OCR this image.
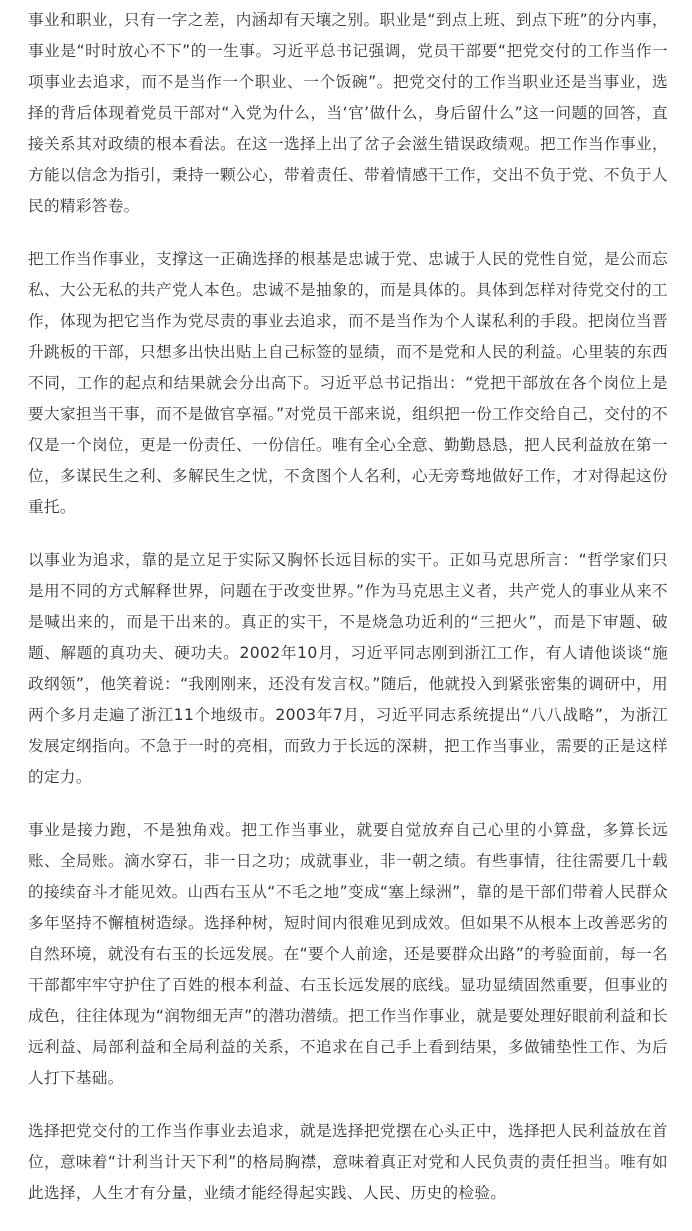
事业和职业，只有一字之差，内涵却有天壤之别。职业是“到点上班、到点下班”的分内事，事业是“时时放心不下”的一生事。习近平总书记强调，党员干部要“把党交付的工作当作一项事业去追求，而不是当作一个职业、一个饭碗”。把党交付的工作当职业还是当事业，选择的背后体现着党员干部对“入党为什么，当‘官’做什么，身后留什么”这一问题的回答，直接关系其对政绩的根本看法。在这一选择上出了岔子会滋生错误政绩观。把工作当作事业，方能以信念为指引，秉持一颗公心，带着责任、带着情感干工作，交出不负于党、不负于人民的精彩答卷。

把工作当作事业，支撑这一正确选择的根基是忠诚于党、忠诚于人民的党性自觉，是公而忘私、大公无私的共产党人本色。忠诚不是抽象的，而是具体的。具体到怎样对待党交付的工作，体现为把它当作为党尽责的事业去追求，而不是当作为个人谋私利的手段。把岗位当晋升跳板的干部，只想多出快出贴上自己标签的显绩，而不是党和人民的利益。心里装的东西不同，工作的起点和结果就会分出高下。习近平总书记指出：“党把干部放在各个岗位上是要大家担当干事，而不是做官享福。”对党员干部来说，组织把一份工作交给自己，交付的不仅是一个岗位，更是一份责任、一份信任。唯有全心全意、勤勤恳恳，把人民利益放在第一位，多谋民生之利、多解民生之忧，不贪图个人名利，心无旁骛地做好工作，才对得起这份重托。

以事业为追求，靠的是立足于实际又胸怀长远目标的实干。正如马克思所言：“哲学家们只是用不同的方式解释世界，问题在于改变世界。”作为马克思主义者，共产党人的事业从来不是喊出来的，而是干出来的。真正的实干，不是烧急功近利的“三把火”，而是下审题、破题、解题的真功夫、硬功夫。2002年10月，习近平同志刚到浙江工作，有人请他谈谈“施政纲领”，他笑着说：“我刚刚来，还没有发言权。”随后，他就投入到紧张密集的调研中，用两个多月走遍了浙江11个地级市。2003年7月，习近平同志系统提出“八八战略”，为浙江发展定纲指向。不急于一时的亮相，而致力于长远的深耕，把工作当事业，需要的正是这样的定力。

事业是接力跑，不是独角戏。把工作当事业，就要自觉放弃自己心里的小算盘，多算长远账、全局账。滴水穿石，非一日之功；成就事业，非一朝之绩。有些事情，往往需要几十载的接续奋斗才能见效。山西右玉从“不毛之地”变成“塞上绿洲”，靠的是干部们带着人民群众多年坚持不懈植树造绿。选择种树，短时间内很难见到成效。但如果不从根本上改善恶劣的自然环境，就没有右玉的长远发展。在“要个人前途，还是要群众出路”的考验面前，每一名干部都牢牢守护住了百姓的根本利益、右玉长远发展的底线。显功显绩固然重要，但事业的成色，往往体现为“润物细无声”的潜功潜绩。把工作当作事业，就是要处理好眼前利益和长远利益、局部利益和全局利益的关系，不追求在自己手上看到结果，多做铺垫性工作、为后人打下基础。

选择把党交付的工作当作事业去追求，就是选择把党摆在心头正中，选择把人民利益放在首位，意味着“计利当计天下利”的格局胸襟，意味着真正对党和人民负责的责任担当。唯有如此选择，人生才有分量，业绩才能经得起实践、人民、历史的检验。
